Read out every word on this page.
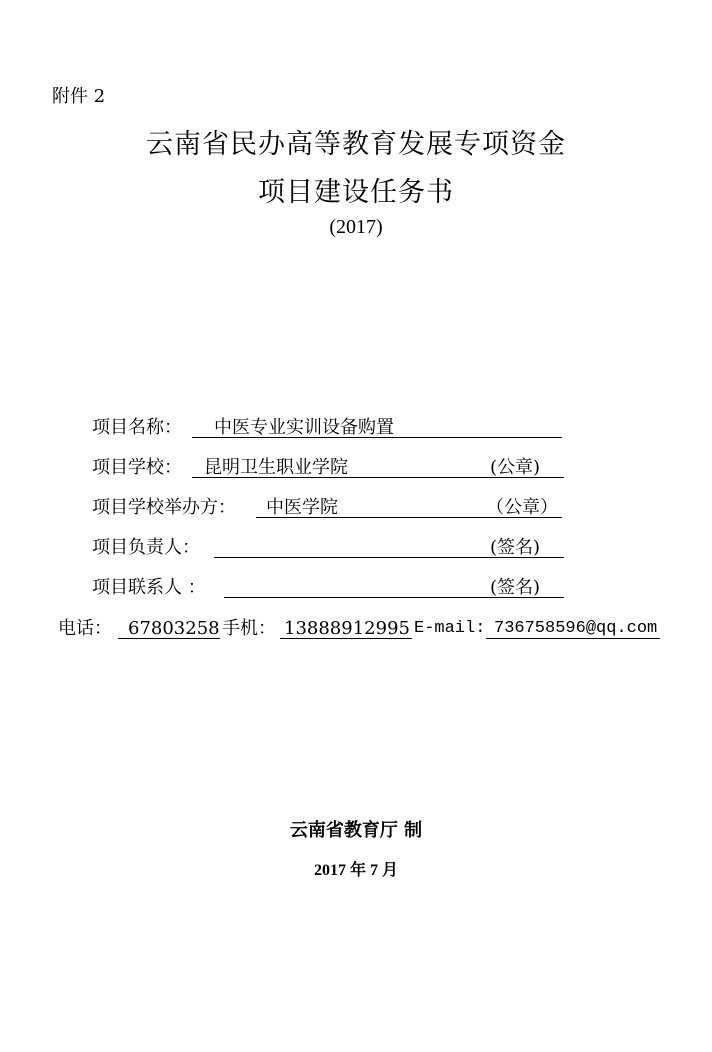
附件 2
云南省民办高等教育发展专项资金
项目建设任务书
(2017)
项目名称： 中医专业实训设备购置
项目学校： 昆明卫生职业学院	(公章)
项目学校举办方： 中医学院	（公章）
项目负责人：	(签名)
项目联系人 ：	(签名)
电话： 67803258 手机： 13888912995 E-mail: 736758596@qq.com
云南省教育厅 制
2017 年 7 月
